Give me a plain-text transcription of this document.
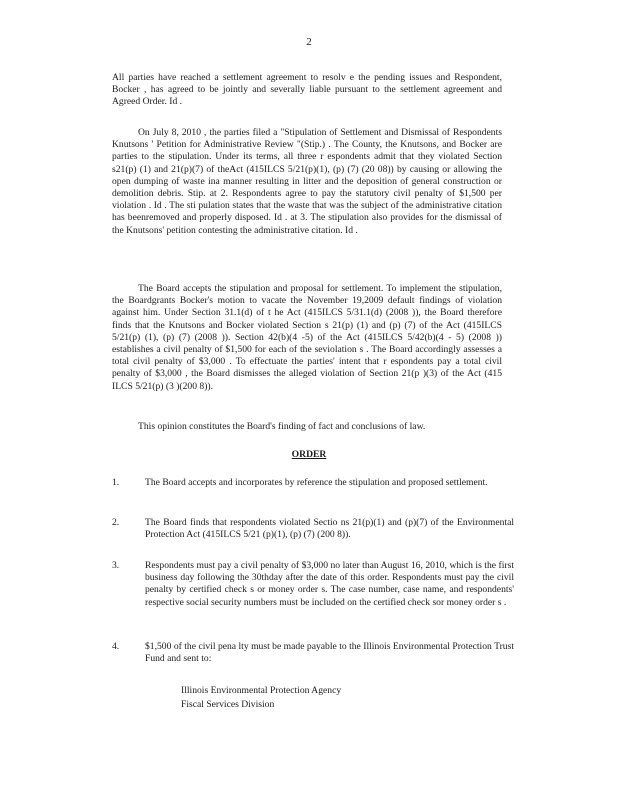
2

All parties have reached a settlement agreement to resolv e the pending issues and Respondent, Bocker , has agreed to be jointly and severally liable pursuant to the settlement agreement and Agreed Order. Id .

On July 8, 2010 , the parties filed a "Stipulation of Settlement and Dismissal of Respondents Knutsons ' Petition for Administrative Review "(Stip.) . The County, the Knutsons, and Bocker are parties to the stipulation. Under its terms, all three r espondents admit that they violated Section s21(p) (1) and 21(p)(7) of theAct (415ILCS 5/21(p)(1), (p) (7) (20 08)) by causing or allowing the open dumping of waste ina manner resulting in litter and the deposition of general construction or demolition debris. Stip. at 2. Respondents agree to pay the statutory civil penalty of $1,500 per violation . Id . The sti pulation states that the waste that was the subject of the administrative citation has beenremoved and properly disposed. Id . at 3. The stipulation also provides for the dismissal of the Knutsons' petition contesting the administrative citation. Id .

The Board accepts the stipulation and proposal for settlement. To implement the stipulation, the Boardgrants Bocker's motion to vacate the November 19,2009 default findings of violation against him. Under Section 31.1(d) of t he Act (415ILCS 5/31.1(d) (2008 )), the Board therefore finds that the Knutsons and Bocker violated Section s 21(p) (1) and (p) (7) of the Act (415ILCS 5/21(p) (1), (p) (7) (2008 )). Section 42(b)(4 -5) of the Act (415ILCS 5/42(b)(4 - 5) (2008 )) establishes a civil penalty of $1,500 for each of the seviolation s . The Board accordingly assesses a total civil penalty of $3,000 . To effectuate the parties' intent that r espondents pay a total civil penalty of $3,000 , the Board dismisses the alleged violation of Section 21(p )(3) of the Act (415 ILCS 5/21(p) (3 )(200 8)).

This opinion constitutes the Board's finding of fact and conclusions of law.

ORDER
1.	The Board accepts and incorporates by reference the stipulation and proposed settlement.
2.	The Board finds that respondents violated Sectio ns 21(p)(1) and (p)(7) of the Environmental Protection Act (415ILCS 5/21 (p)(1), (p) (7) (200 8)).
3.	Respondents must pay a civil penalty of $3,000 no later than August 16, 2010, which is the first business day following the 30thday after the date of this order. Respondents must pay the civil penalty by certified check s or money order s. The case number, case name, and respondents' respective social security numbers must be included on the certified check sor money order s .
4.	$1,500 of the civil pena lty must be made payable to the Illinois Environmental Protection Trust Fund and sent to:
Illinois Environmental Protection Agency
Fiscal Services Division
